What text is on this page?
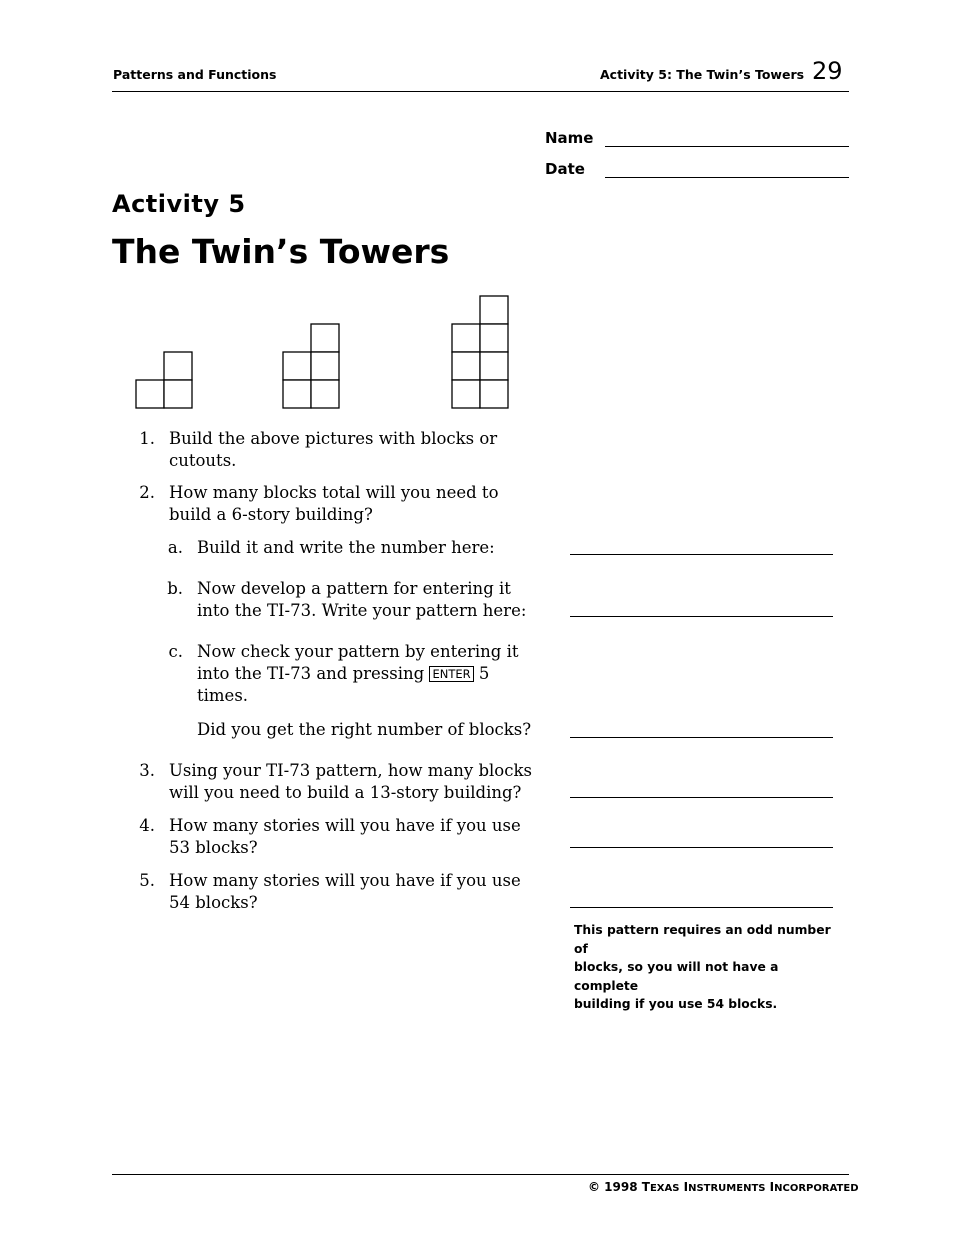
Patterns and Functions	Activity 5: The Twin’s Towers 29
Name
Date
Activity 5
The Twin’s Towers
1. Build the above pictures with blocks or
cutouts.
2. How many blocks total will you need to
build a 6-story building?
a. Build it and write the number here:
b. Now develop a pattern for entering it
into the TI-73. Write your pattern here:
c. Now check your pattern by entering it
into the TI-73 and pressing ENTER 5
times.
Did you get the right number of blocks?
3. Using your TI-73 pattern, how many blocks
will you need to build a 13-story building?
4. How many stories will you have if you use
53 blocks?
5. How many stories will you have if you use
54 blocks?
This pattern requires an odd number of
blocks, so you will not have a complete
building if you use 54 blocks.
© 1998 TEXAS INSTRUMENTS INCORPORATED
